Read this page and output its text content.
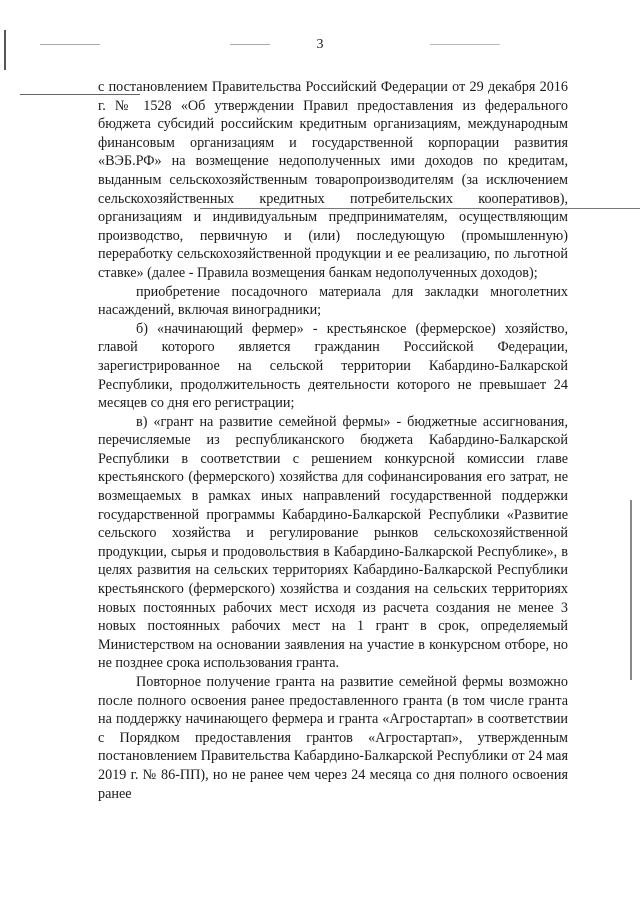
3

с постановлением Правительства Российский Федерации от 29 декабря 2016 г. № 1528 «Об утверждении Правил предоставления из федерального бюджета субсидий российским кредитным организациям, международным финансовым организациям и государственной корпорации развития «ВЭБ.РФ» на возмещение недополученных ими доходов по кредитам, выданным сельскохозяйственным товаропроизводителям (за исключением сельскохозяйственных кредитных потребительских кооперативов), организациям и индивидуальным предпринимателям, осуществляющим производство, первичную и (или) последующую (промышленную) переработку сельскохозяйственной продукции и ее реализацию, по льготной ставке» (далее - Правила возмещения банкам недополученных доходов);

приобретение посадочного материала для закладки многолетних насаждений, включая виноградники;

б) «начинающий фермер» - крестьянское (фермерское) хозяйство, главой которого является гражданин Российской Федерации, зарегистрированное на сельской территории Кабардино-Балкарской Республики, продолжительность деятельности которого не превышает 24 месяцев со дня его регистрации;

в) «грант на развитие семейной фермы» - бюджетные ассигнования, перечисляемые из республиканского бюджета Кабардино-Балкарской Республики в соответствии с решением конкурсной комиссии главе крестьянского (фермерского) хозяйства для софинансирования его затрат, не возмещаемых в рамках иных направлений государственной поддержки государственной программы Кабардино-Балкарской Республики «Развитие сельского хозяйства и регулирование рынков сельскохозяйственной продукции, сырья и продовольствия в Кабардино-Балкарской Республике», в целях развития на сельских территориях Кабардино-Балкарской Республики крестьянского (фермерского) хозяйства и создания на сельских территориях новых постоянных рабочих мест исходя из расчета создания не менее 3 новых постоянных рабочих мест на 1 грант в срок, определяемый Министерством на основании заявления на участие в конкурсном отборе, но не позднее срока использования гранта.

Повторное получение гранта на развитие семейной фермы возможно после полного освоения ранее предоставленного гранта (в том числе гранта на поддержку начинающего фермера и гранта «Агростартап» в соответствии с Порядком предоставления грантов «Агростартап», утвержденным постановлением Правительства Кабардино-Балкарской Республики от 24 мая 2019 г. № 86-ПП), но не ранее чем через 24 месяца со дня полного освоения ранее
